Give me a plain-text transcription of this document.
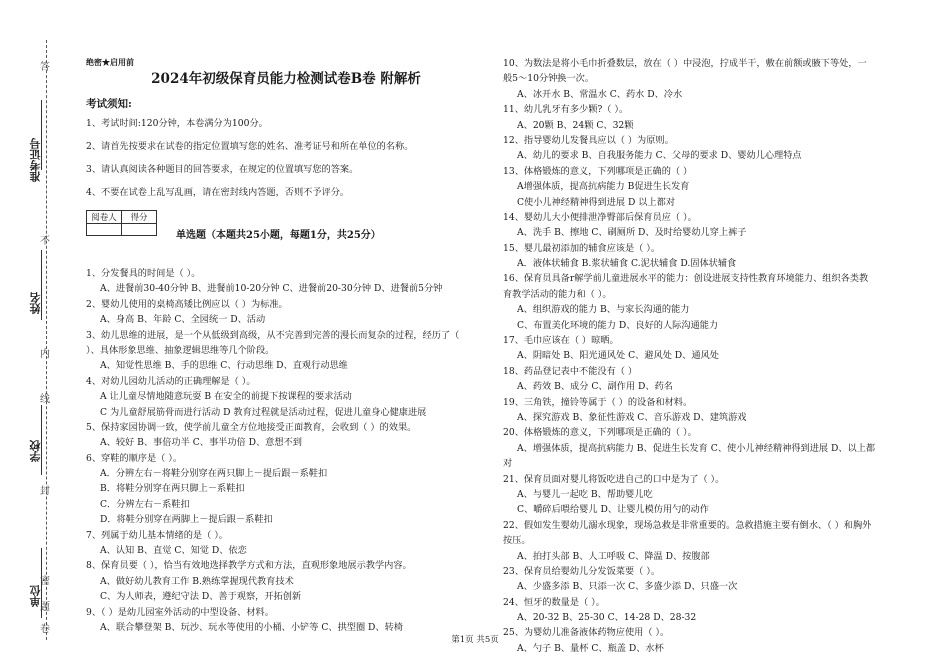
答
不
内
线
封
密
题
卷
准考证号
姓名
学校
单位
绝密★启用前
2024年初级保育员能力检测试卷B卷 附解析
考试须知:
1、考试时间:120分钟，本卷满分为100分。
2、请首先按要求在试卷的指定位置填写您的姓名、准考证号和所在单位的名称。
3、请认真阅读各种题目的回答要求，在规定的位置填写您的答案。
4、不要在试卷上乱写乱画，请在密封线内答题，否则不予评分。
阅卷人	得分

单选题（本题共25小题，每题1分，共25分）
1、分发餐具的时间是（ ）。
A、进餐前30-40分钟 B、进餐前10-20分钟 C、进餐前20-30分钟 D、进餐前5分钟
2、婴幼儿使用的桌椅高矮比例应以（ ）为标准。
A、身高 B、年龄 C、全园统一 D、活动
3、幼儿思维的进展，是一个从低级到高级，从不完善到完善的漫长而复杂的过程，经历了（
）、具体形象思维、抽象逻辑思维等几个阶段。
A、知觉性思维 B、手的思维 C、行动思维 D、直观行动思维
4、对幼儿园幼儿活动的正确理解是（ ）。
A 让儿童尽情地随意玩耍 B 在安全的前提下按课程的要求活动
C 为儿童舒展筋骨而进行活动 D 教育过程就是活动过程，促进儿童身心健康进展
5、保持家园协调一致，使学前儿童全方位地接受正面教育，会收到（ ）的效果。
A、较好 B、事倍功半 C、事半功倍 D、意想不到
6、穿鞋的顺序是（ ）。
A．分辨左右－将鞋分别穿在两只脚上－提后跟－系鞋扣
B．将鞋分别穿在两只脚上－系鞋扣
C．分辨左右－系鞋扣
D．将鞋分别穿在两脚上－提后跟－系鞋扣
7、列属于幼儿基本情绪的是（ ）。
A、认知 B、直觉 C、知觉 D、依恋
8、保育员要（ ），恰当有效地选择教学方式和方法，直观形象地展示教学内容。
A、做好幼儿教育工作 B.熟练掌握现代教育技术
C、为人师表，遵纪守法 D、善于观察，开拓创新
9、（ ）是幼儿园室外活动的中型设备、材料。
A、联合攀登架 B、玩沙、玩水等使用的小桶、小铲等 C、拱型圈 D、转椅
10、为数法是将小毛巾折叠数层，放在（ ）中浸泡，拧成半干，敷在前额或腋下等处，一
般5～10分钟换一次。
A、冰开水 B、常温水 C、药水 D、冷水
11、幼儿乳牙有多少颗?（ ）。
A、20颗 B、24颗 C、32颗
12、指导婴幼儿发餐具应以（ ）为原则。
A、幼儿的要求 B、自我服务能力 C、父母的要求 D、婴幼儿心理特点
13、体格锻炼的意义，下列哪项是正确的（ ）
A增强体质，提高抗病能力 B促进生长发育
C使小儿神经精神得到进展 D 以上都对
14、婴幼儿大小便排泄净臀部后保育员应（ ）。
A、洗手 B、擦地 C、刷厕所 D、及时给婴幼儿穿上裤子
15、婴儿最初添加的辅食应该是（ ）。
A．液体状辅食 B.浆状辅食 C.泥状辅食 D.固体状辅食
16、保育员具备r解学前儿童进展水平的能力：创设进展支持性教育环境能力、组织各类教
育教学活动的能力和（ ）。
A、组织游戏的能力 B、与家长沟通的能力
C、布置美化环境的能力 D、良好的人际沟通能力
17、毛巾应该在（ ）晾晒。
A、阴暗处 B、阳光通风处 C、避风处 D、通风处
18、药品登记表中不能没有（ ）
A、药效 B、成分 C、副作用 D、药名
19、三角铁，撞铃等属于（ ）的设备和材料。
A、探究游戏 B、象征性游戏 C、音乐游戏 D、建筑游戏
20、体格锻炼的意义，下列哪项是正确的（ ）。
A、增强体质，提高抗病能力 B、促进生长发育 C、使小儿神经精神得到进展 D、以上都
对
21、保育员面对婴儿将饭吃进自己的口中是为了（ ）。
A、与婴儿一起吃 B、帮助婴儿吃
C、嚼碎后喂给婴儿 D、让婴儿模仿用勺的动作
22、假如发生婴幼儿溺水现象，现场急救是非常重要的。急救措施主要有倒水、（ ）和胸外
按压。
A、拍打头部 B、人工呼吸 C、降温 D、按腹部
23、保育员给婴幼儿分发饭菜要（ ）。
A、少盛多添 B、只添一次 C、多盛少添 D、只盛一次
24、恒牙的数量是（ ）。
A、20-32 B、25-30 C、14-28 D、28-32
25、为婴幼儿准备液体药物应使用（ ）。
A、勺子 B、量杯 C、瓶盖 D、水杯
第1页 共5页
